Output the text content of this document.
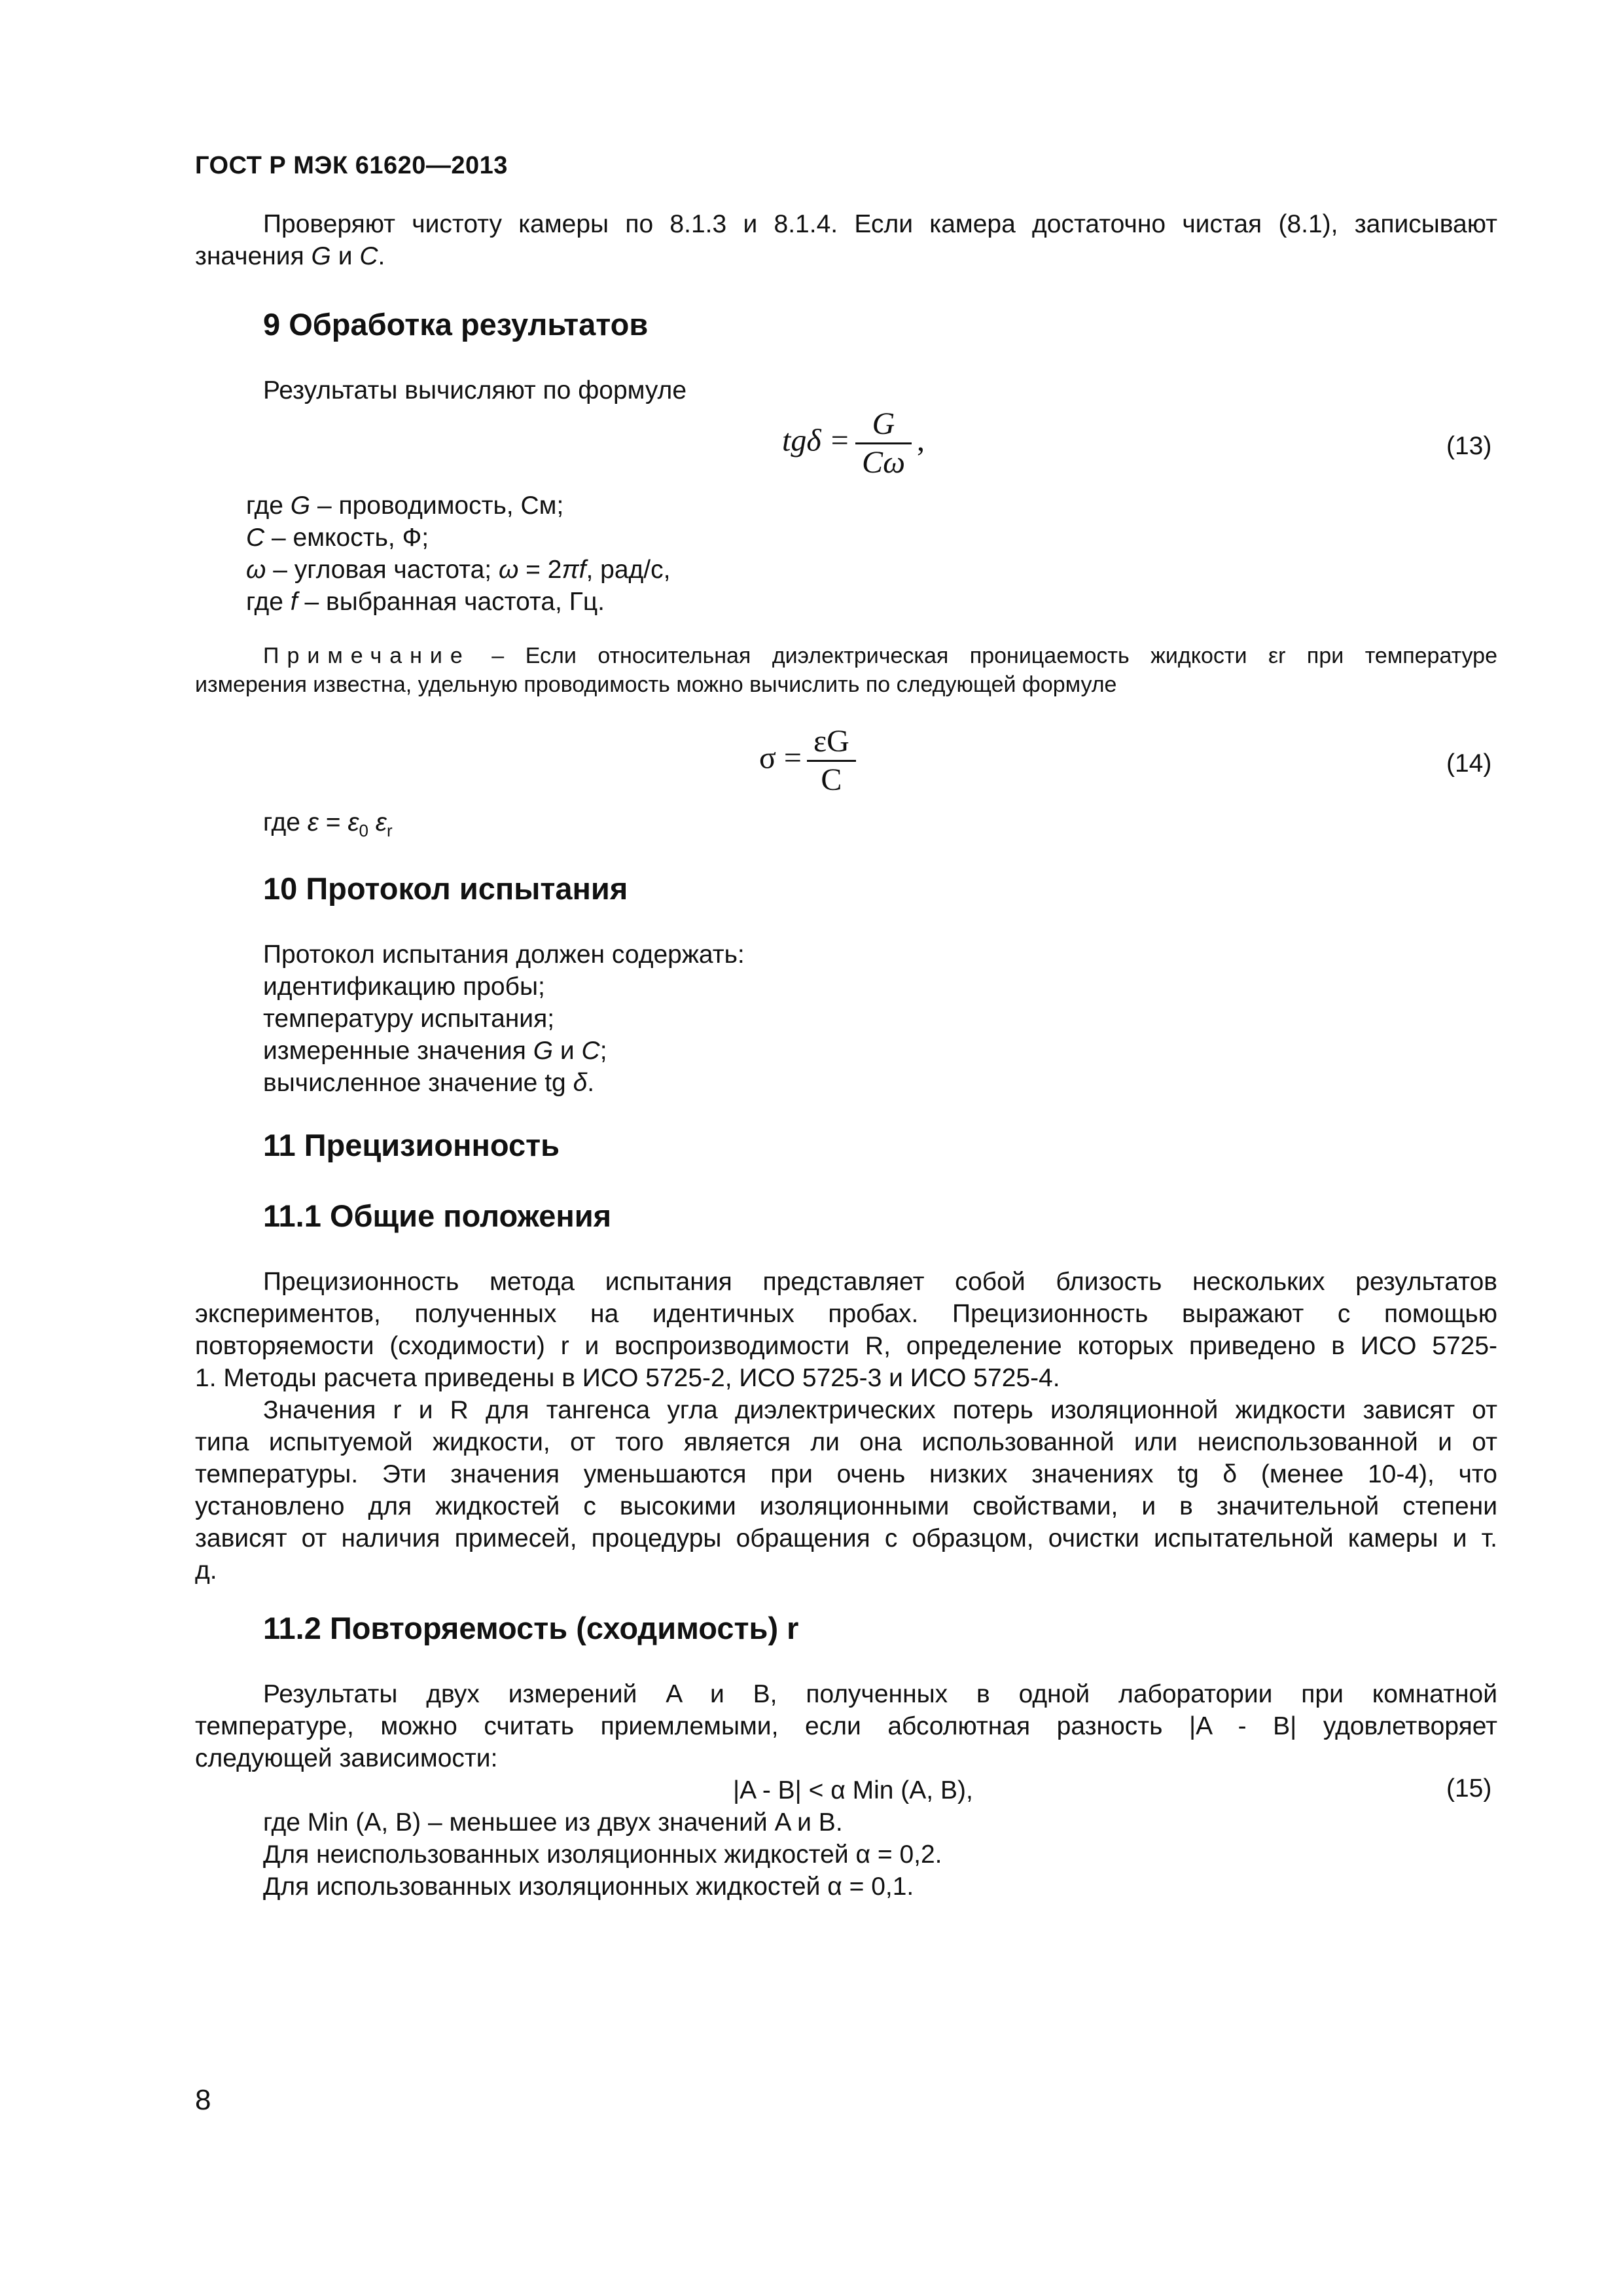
ГОСТ Р МЭК 61620—2013
Проверяют чистоту камеры по 8.1.3 и 8.1.4. Если камера достаточно чистая (8.1), записывают
значения G и C.
9 Обработка результатов
Результаты вычисляют по формуле
$tg\delta = \frac{G}{C\omega}$ ,	(13)
где G – проводимость, См;
C – емкость, Ф;
ω – угловая частота; ω = 2πf, рад/с,
где f – выбранная частота, Гц.
Примечание – Если относительная диэлектрическая проницаемость жидкости εr при температуре
измерения известна, удельную проводимость можно вычислить по следующей формуле
$\sigma = \frac{\varepsilon G}{C}$	(14)
где $\varepsilon = \varepsilon_0$ $\varepsilon_r$
10 Протокол испытания
Протокол испытания должен содержать:
идентификацию пробы;
температуру испытания;
измеренные значения G и C;
вычисленное значение tg δ.
11 Прецизионность
11.1 Общие положения
Прецизионность метода испытания представляет собой близость нескольких результатов
экспериментов, полученных на идентичных пробах. Прецизионность выражают с помощью
повторяемости (сходимости) r и воспроизводимости R, определение которых приведено в ИСО 5725-
1. Методы расчета приведены в ИСО 5725-2, ИСО 5725-3 и ИСО 5725-4.
Значения r и R для тангенса угла диэлектрических потерь изоляционной жидкости зависят от
типа испытуемой жидкости, от того является ли она использованной или неиспользованной и от
температуры. Эти значения уменьшаются при очень низких значениях tg δ (менее 10-4), что
установлено для жидкостей с высокими изоляционными свойствами, и в значительной степени
зависят от наличия примесей, процедуры обращения с образцом, очистки испытательной камеры и т.
д.
11.2 Повторяемость (сходимость) r
Результаты двух измерений A и B, полученных в одной лаборатории при комнатной
температуре, можно считать приемлемыми, если абсолютная разность |A - B| удовлетворяет
следующей зависимости:
|A - B| < α Min (A, B),	(15)
где Min (A, B) – меньшее из двух значений A и B.
Для неиспользованных изоляционных жидкостей α = 0,2.
Для использованных изоляционных жидкостей α = 0,1.
8
